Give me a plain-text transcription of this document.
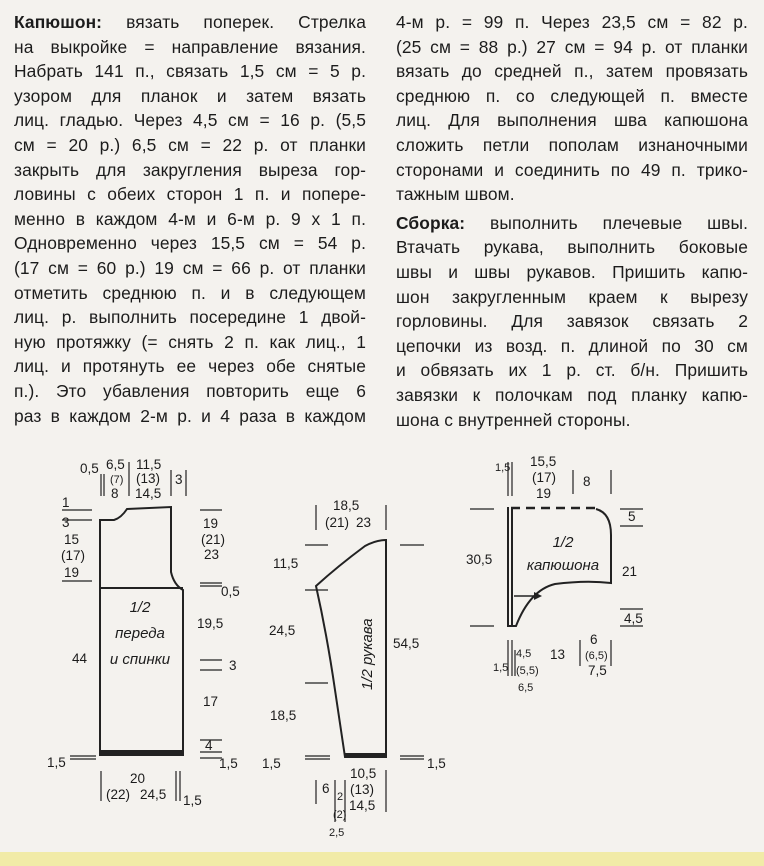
Капюшон: вязать поперек. Стрелка
на выкройке = направление вязания.
Набрать 141 п., связать 1,5 см = 5 р.
узором для планок и затем вязать
лиц. гладью. Через 4,5 см = 16 р. (5,5
см = 20 р.) 6,5 см = 22 р. от планки
закрыть для закругления выреза гор-
ловины с обеих сторон 1 п. и попере-
менно в каждом 4-м и 6-м р. 9 х 1 п.
Одновременно через 15,5 см = 54 р.
(17 см = 60 р.) 19 см = 66 р. от планки
отметить среднюю п. и в следующем
лиц. р. выполнить посередине 1 двой-
ную протяжку (= снять 2 п. как лиц., 1
лиц. и протянуть ее через обе снятые
п.). Это убавления повторить еще 6
раз в каждом 2-м р. и 4 раза в каждом
4-м р. = 99 п. Через 23,5 см = 82 р.
(25 см = 88 р.) 27 см = 94 р. от планки
вязать до средней п., затем провязать
среднюю п. со следующей п. вместе
лиц. Для выполнения шва капюшона
сложить петли пополам изнаночными
сторонами и соединить по 49 п. трико-
тажным швом.
Сборка: выполнить плечевые швы.
Втачать рукава, выполнить боковые
швы и швы рукавов. Пришить капю-
шон закругленным краем к вырезу
горловины. Для завязок связать 2
цепочки из возд. п. длиной по 30 см
и обвязать их 1 р. ст. б/н. Пришить
завязки к полочкам под планку капю-
шона с внутренней стороны.
1/2
переда
и спинки
0,5 6,5
(7)
8
11,5
(13)
14,5
3
1
3
15
(17)
19
44
1,5
19
(21)
23
0,5
19,5
3
17
4
1,5
20
(22) 24,5 1,5
1/2 рукава
18,5
(21) 23
11,5
24,5
18,5
1,5
54,5
1,5
6
2
(2)
2,5
10,5
(13)
14,5
1/2
капюшона
1,5 15,5
(17)
19
8
30,5
5
21
4,5
4,5
(5,5)
6,5
1,5
13
6
(6,5)
7,5
